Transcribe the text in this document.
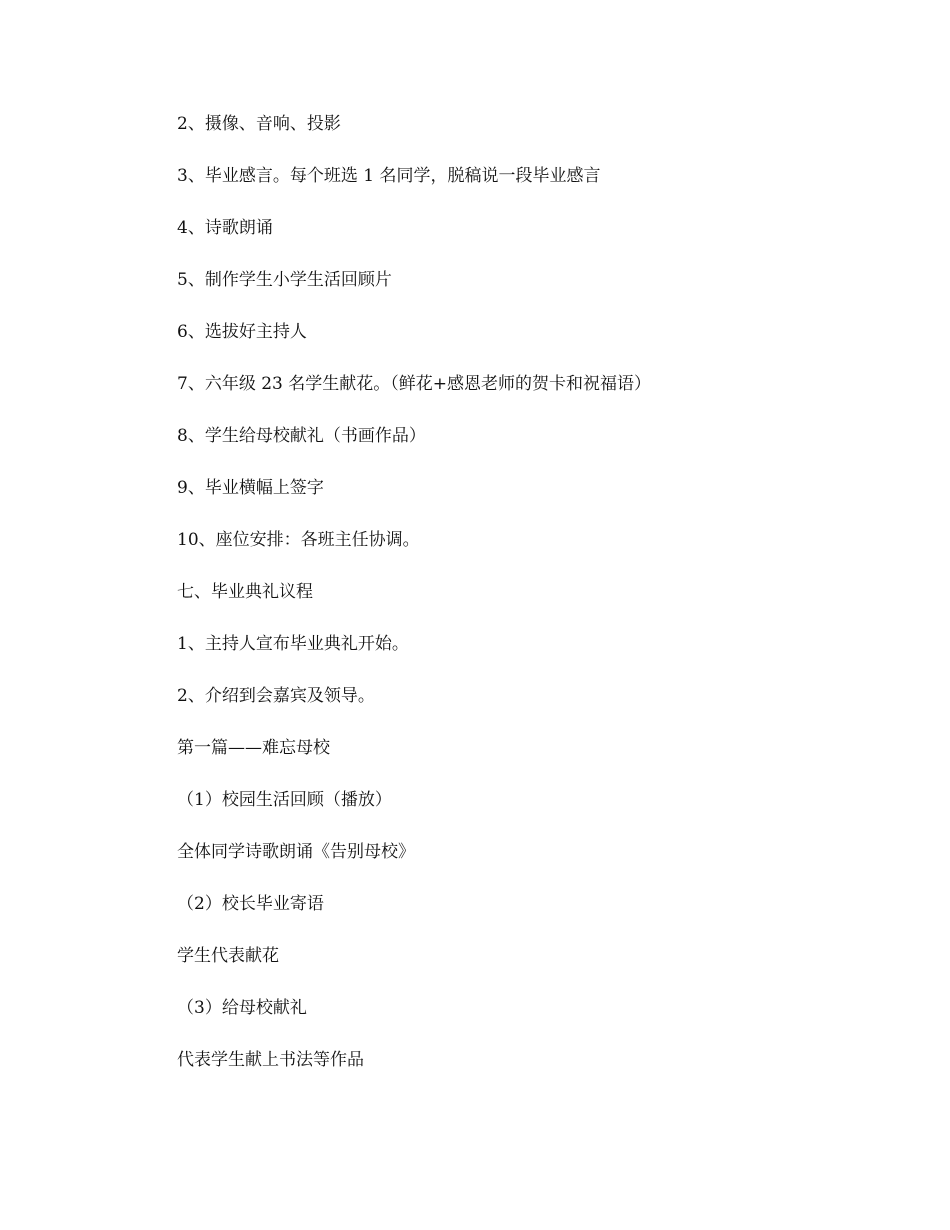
2、摄像、音响、投影
3、毕业感言。每个班选 1 名同学，脱稿说一段毕业感言
4、诗歌朗诵
5、制作学生小学生活回顾片
6、选拔好主持人
7、六年级 23 名学生献花。（鲜花+感恩老师的贺卡和祝福语）
8、学生给母校献礼（书画作品）
9、毕业横幅上签字
10、座位安排：各班主任协调。
七、毕业典礼议程
1、主持人宣布毕业典礼开始。
2、介绍到会嘉宾及领导。
第一篇——难忘母校
（1）校园生活回顾（播放）
全体同学诗歌朗诵《告别母校》
（2）校长毕业寄语
学生代表献花
（3）给母校献礼
代表学生献上书法等作品
